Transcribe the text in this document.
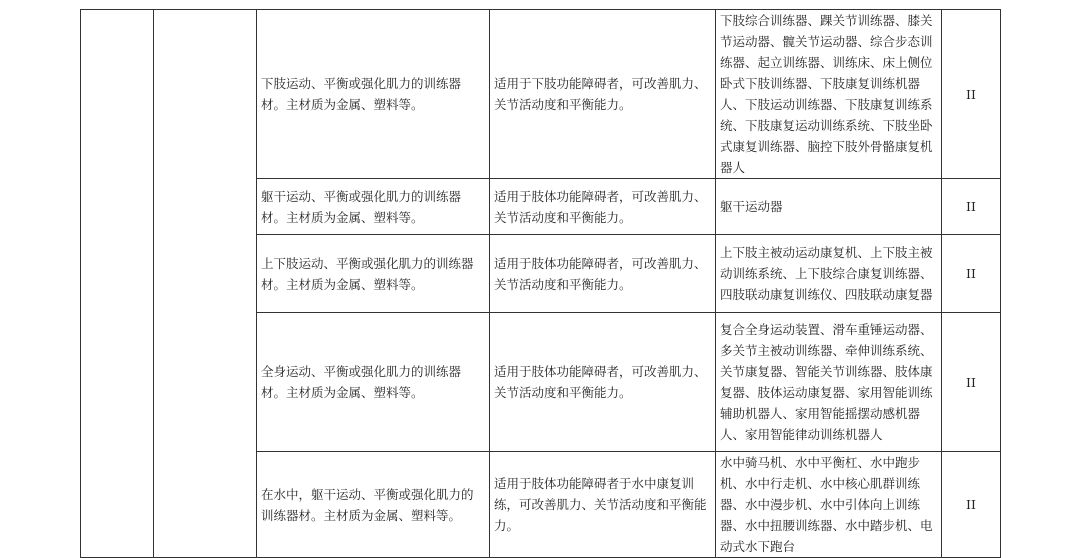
		下肢运动、平衡或强化肌力的训练器材。主材质为金属、塑料等。	适用于下肢功能障碍者，可改善肌力、关节活动度和平衡能力。	下肢综合训练器、踝关节训练器、膝关节运动器、髋关节运动器、综合步态训练器、起立训练器、训练床、床上侧位卧式下肢训练器、下肢康复训练机器人、下肢运动训练器、下肢康复训练系统、下肢康复运动训练系统、下肢坐卧式康复训练器、脑控下肢外骨骼康复机器人	II
		躯干运动、平衡或强化肌力的训练器材。主材质为金属、塑料等。	适用于肢体功能障碍者，可改善肌力、关节活动度和平衡能力。	躯干运动器	II
		上下肢运动、平衡或强化肌力的训练器材。主材质为金属、塑料等。	适用于肢体功能障碍者，可改善肌力、关节活动度和平衡能力。	上下肢主被动运动康复机、上下肢主被动训练系统、上下肢综合康复训练器、四肢联动康复训练仪、四肢联动康复器	II
		全身运动、平衡或强化肌力的训练器材。主材质为金属、塑料等。	适用于肢体功能障碍者，可改善肌力、关节活动度和平衡能力。	复合全身运动装置、滑车重锤运动器、多关节主被动训练器、牵伸训练系统、关节康复器、智能关节训练器、肢体康复器、肢体运动康复器、家用智能训练辅助机器人、家用智能摇摆动感机器人、家用智能律动训练机器人	II
		在水中，躯干运动、平衡或强化肌力的训练器材。主材质为金属、塑料等。	适用于肢体功能障碍者于水中康复训练，可改善肌力、关节活动度和平衡能力。	水中骑马机、水中平衡杠、水中跑步机、水中行走机、水中核心肌群训练器、水中漫步机、水中引体向上训练器、水中扭腰训练器、水中踏步机、电动式水下跑台	II
